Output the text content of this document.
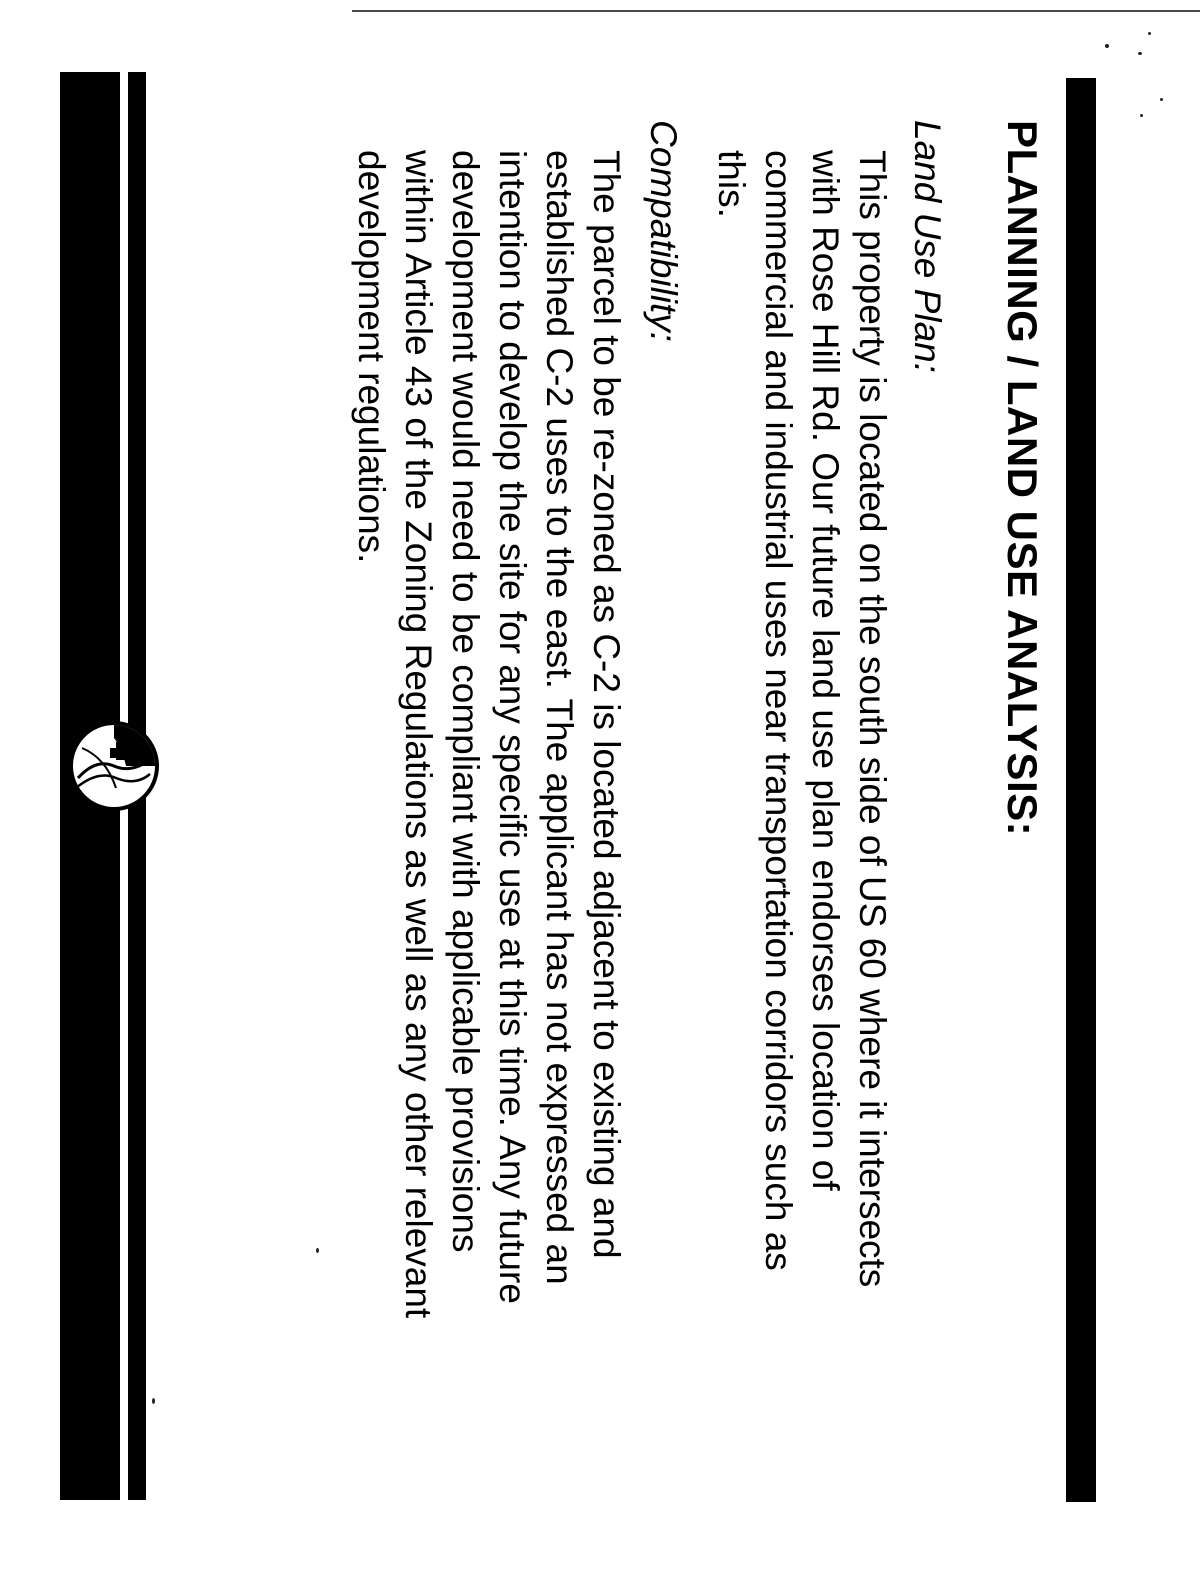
PLANNING / LAND USE ANALYSIS:
Land Use Plan:
This property is located on the south side of US 60 where it intersects
with Rose Hill Rd. Our future land use plan endorses location of
commercial and industrial uses near transportation corridors such as
this.
Compatibility:
The parcel to be re-zoned as C-2 is located adjacent to existing and
established C-2 uses to the east. The applicant has not expressed an
intention to develop the site for any specific use at this time. Any future
development would need to be compliant with applicable provisions
within Article 43 of the Zoning Regulations as well as any other relevant
development regulations.
